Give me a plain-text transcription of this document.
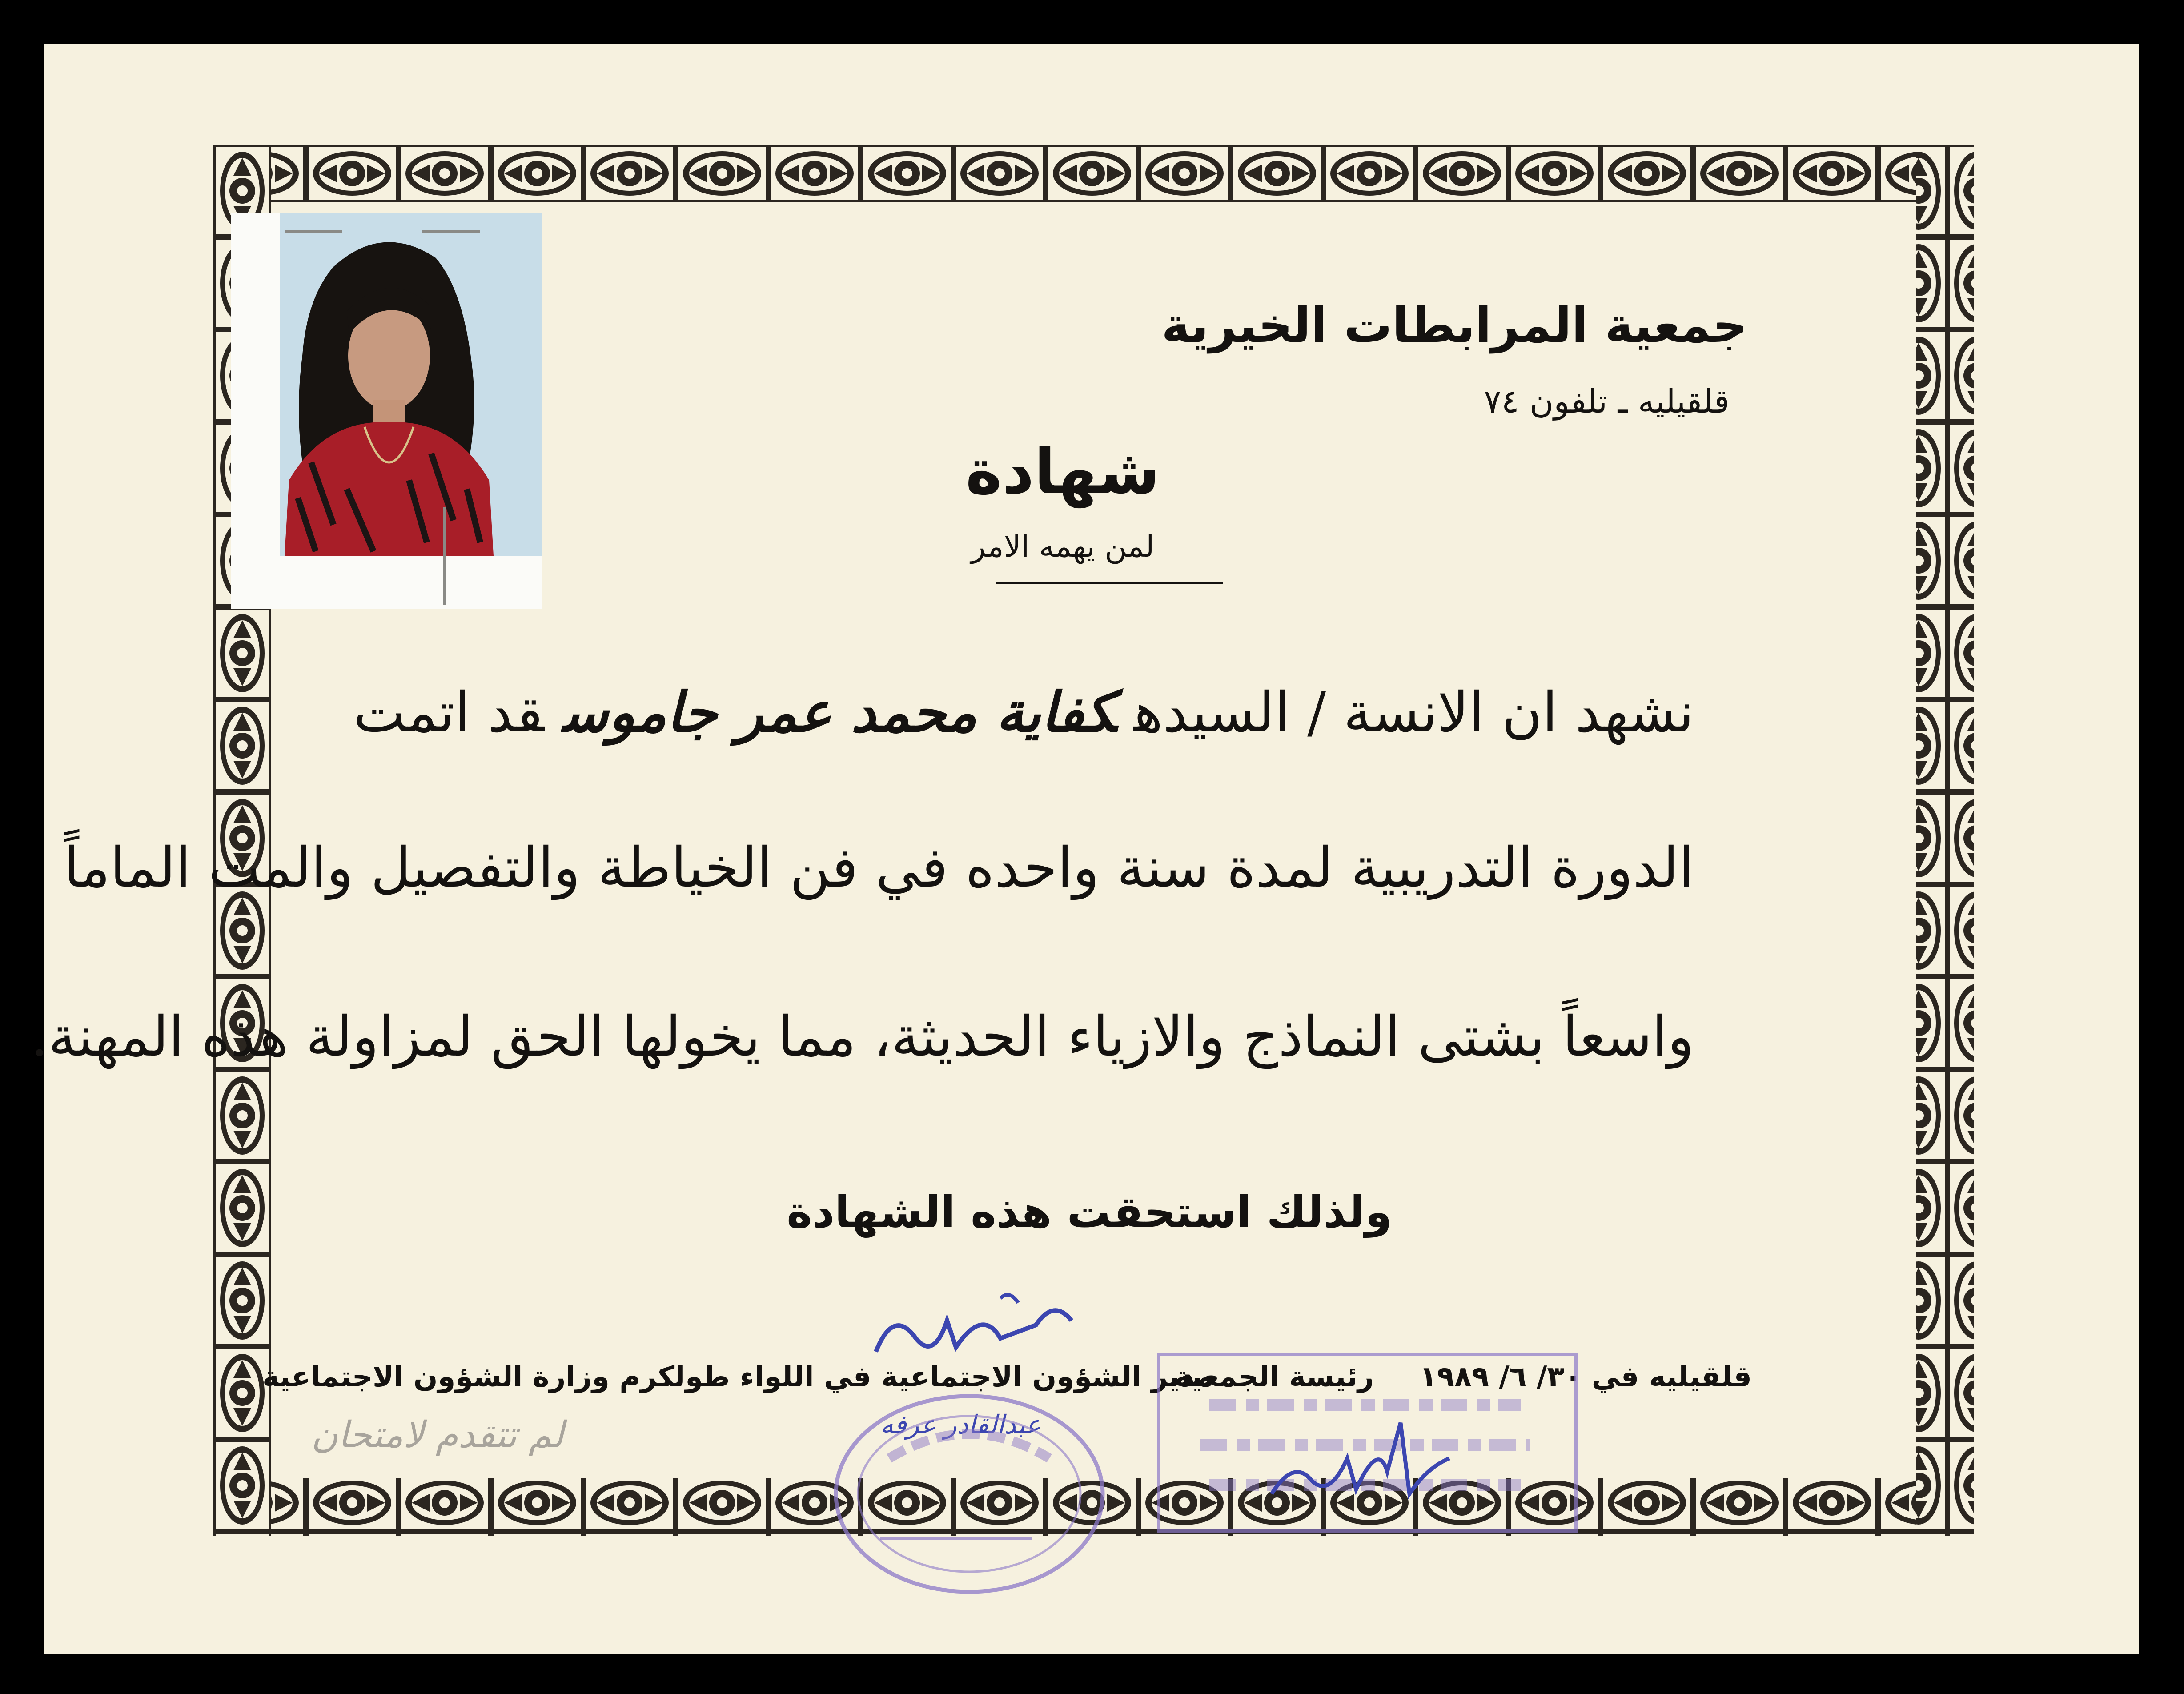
جمعية المرابطات الخيرية
قلقيليه ـ تلفون ٧٤
شهادة
لمن يهمه الامر
نشهد ان الانسة / السيدهكفاية محمد عمر جاموسقد اتمت
الدورة التدريبية لمدة سنة واحده في فن الخياطة والتفصيل والمت الماماً
واسعاً بشتى النماذج والازياء الحديثة، مما يخولها الحق لمزاولة هذه المهنة.
ولذلك استحقت هذه الشهادة
قلقيليه في ٣٠/ ٦/ ١٩٨٩
رئيسة الجمعية
مدير الشؤون الاجتماعية في اللواء طولكرم وزارة الشؤون الاجتماعية
عبدالقادر عرفه
لم تتقدم لامتحان
